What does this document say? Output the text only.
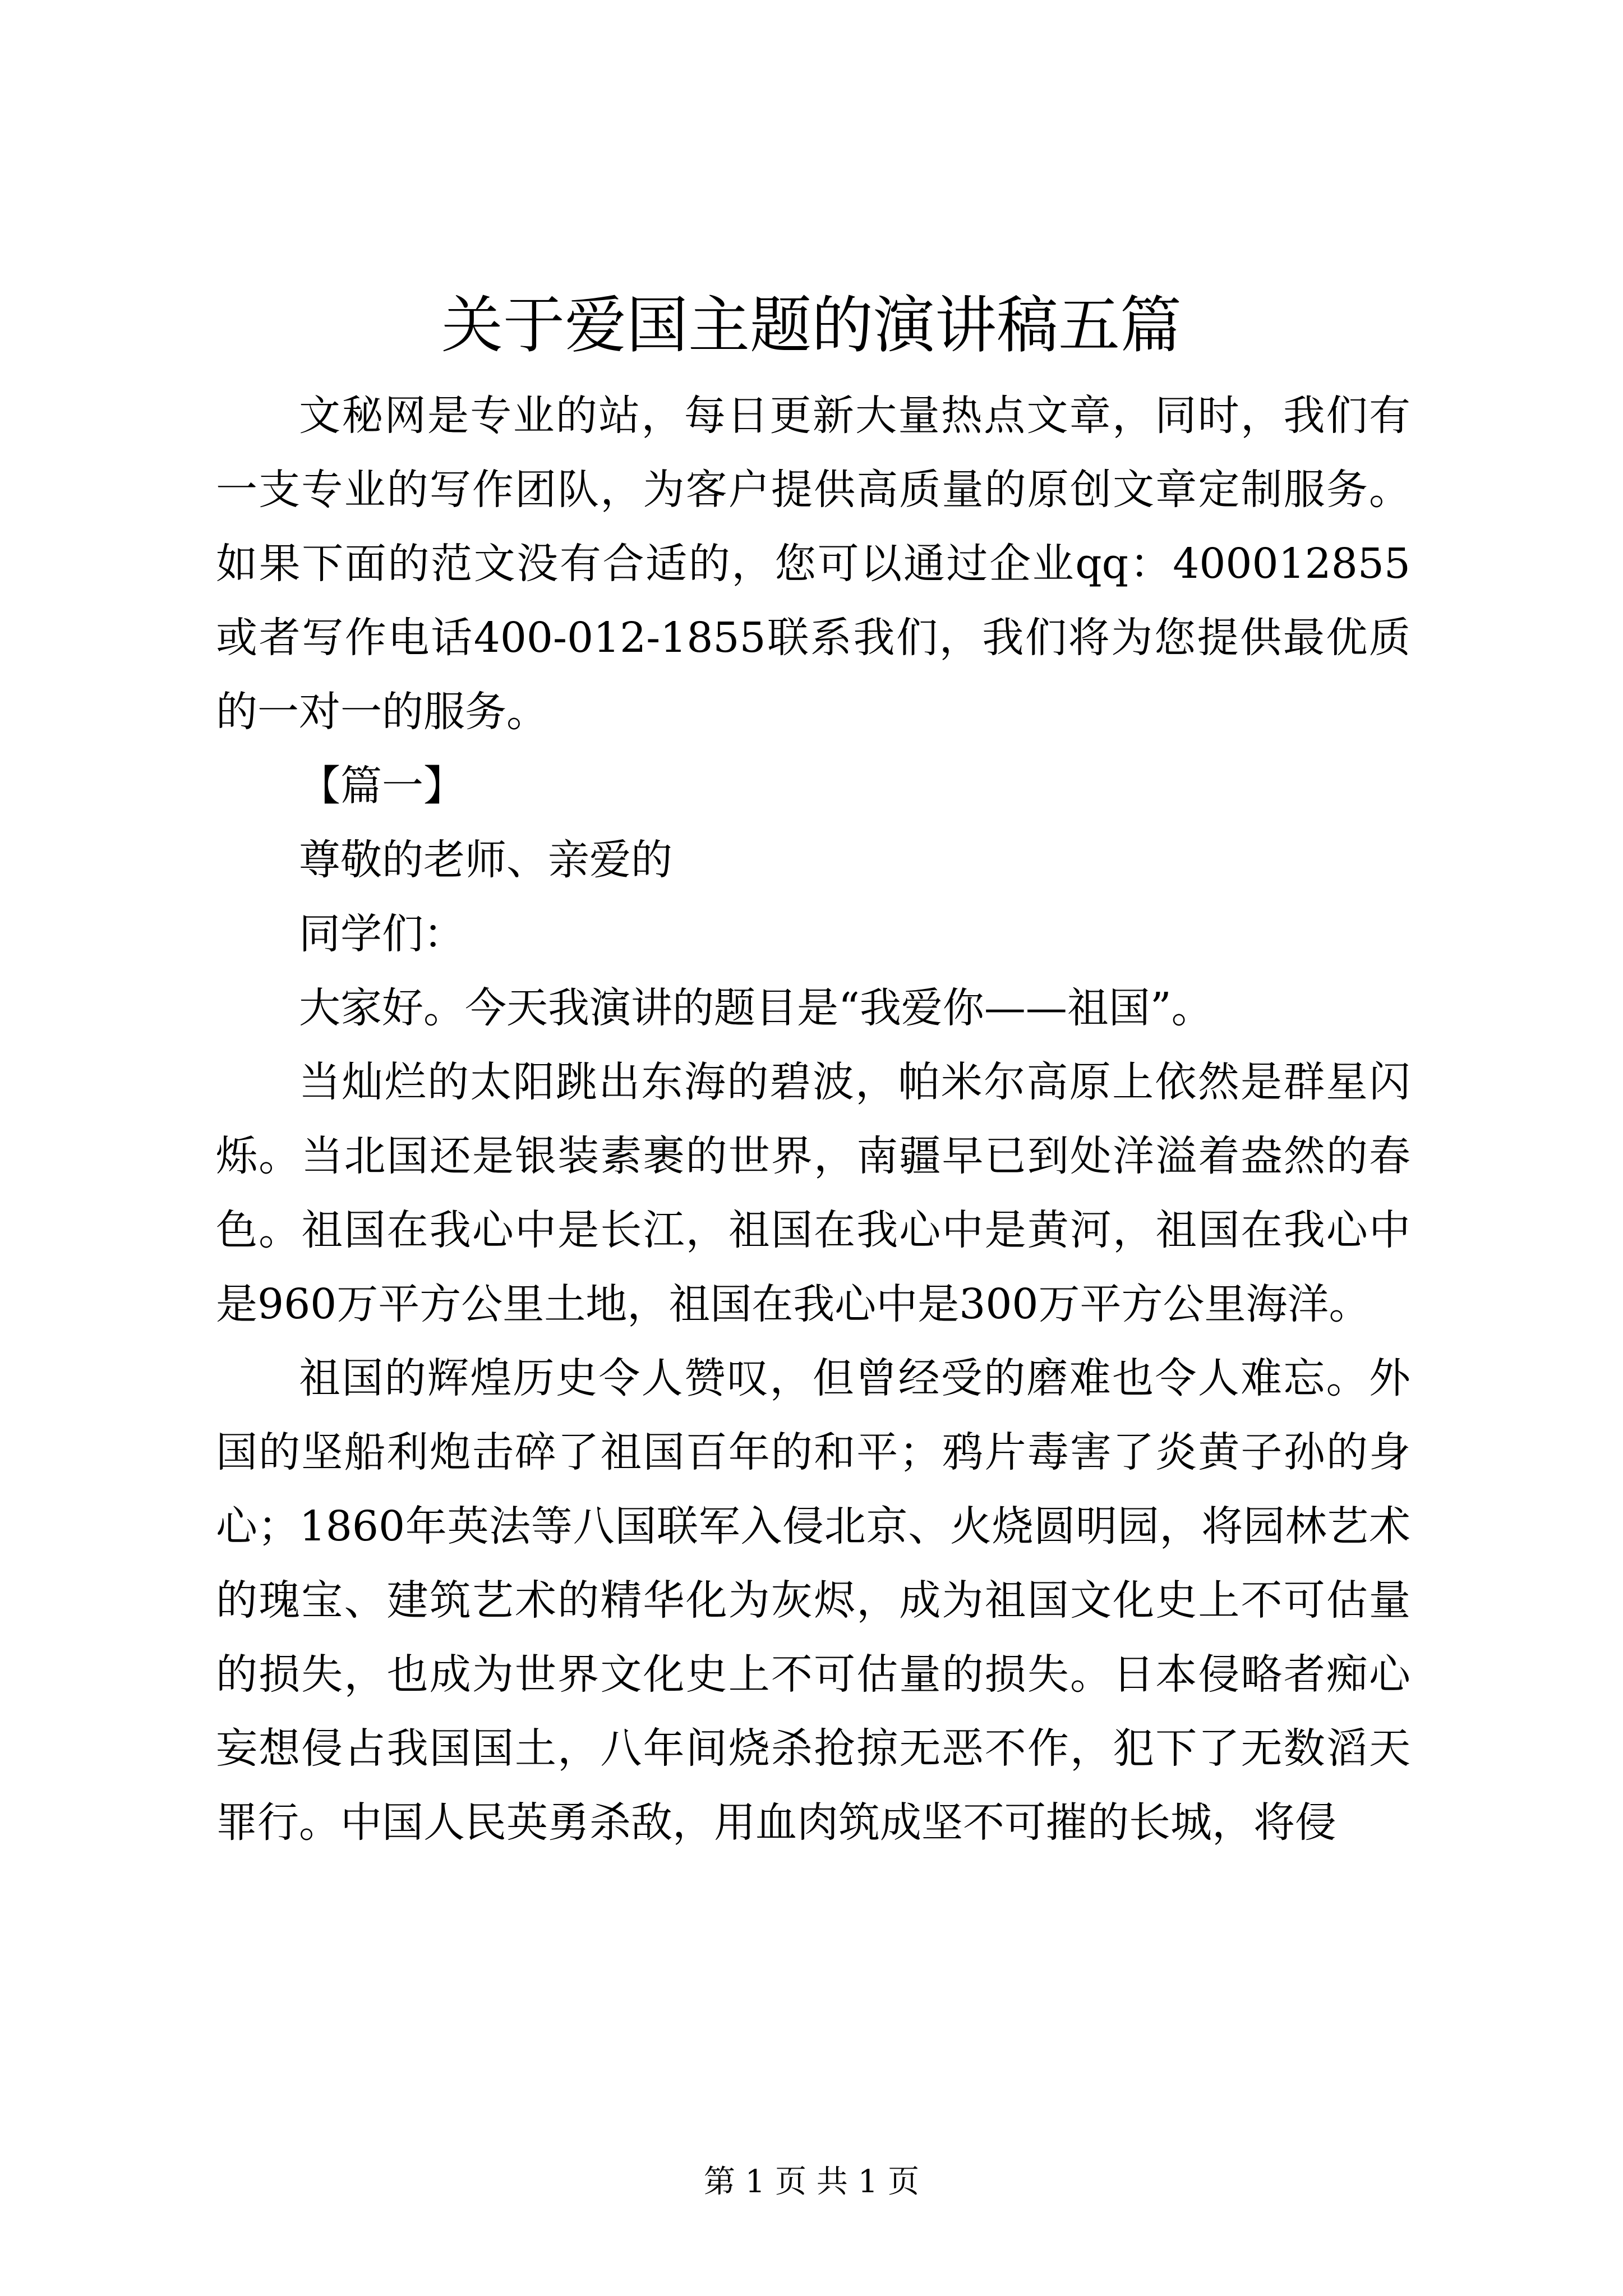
关于爱国主题的演讲稿五篇

文秘网是专业的站，每日更新大量热点文章，同时，我们有一支专业的写作团队，为客户提供高质量的原创文章定制服务。如果下面的范文没有合适的，您可以通过企业qq：400012855或者写作电话400-012-1855联系我们，我们将为您提供最优质的一对一的服务。

【篇一】

尊敬的老师、亲爱的

同学们：

大家好。今天我演讲的题目是“我爱你——祖国”。

当灿烂的太阳跳出东海的碧波，帕米尔高原上依然是群星闪烁。当北国还是银装素裹的世界，南疆早已到处洋溢着盎然的春色。祖国在我心中是长江，祖国在我心中是黄河，祖国在我心中是960万平方公里土地，祖国在我心中是300万平方公里海洋。

祖国的辉煌历史令人赞叹，但曾经受的磨难也令人难忘。外国的坚船利炮击碎了祖国百年的和平；鸦片毒害了炎黄子孙的身心；1860年英法等八国联军入侵北京、火烧圆明园，将园林艺术的瑰宝、建筑艺术的精华化为灰烬，成为祖国文化史上不可估量的损失，也成为世界文化史上不可估量的损失。日本侵略者痴心妄想侵占我国国土，八年间烧杀抢掠无恶不作，犯下了无数滔天罪行。中国人民英勇杀敌，用血肉筑成坚不可摧的长城，将侵

第 1 页 共 1 页
